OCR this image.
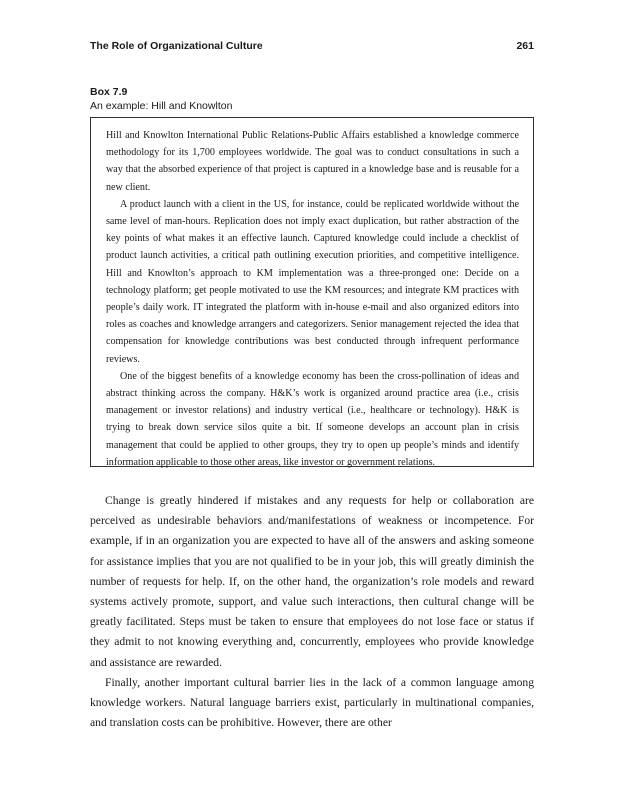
The Role of Organizational Culture	261
Box 7.9
An example: Hill and Knowlton

Hill and Knowlton International Public Relations-Public Affairs established a knowledge commerce methodology for its 1,700 employees worldwide. The goal was to conduct consultations in such a way that the absorbed experience of that project is captured in a knowledge base and is reusable for a new client.

A product launch with a client in the US, for instance, could be replicated worldwide without the same level of man-hours. Replication does not imply exact duplication, but rather abstraction of the key points of what makes it an effective launch. Captured knowledge could include a checklist of product launch activities, a critical path outlining execution priorities, and competitive intelligence. Hill and Knowlton’s approach to KM implementation was a three-pronged one: Decide on a technology platform; get people motivated to use the KM resources; and integrate KM practices with people’s daily work. IT integrated the platform with in-house e-mail and also organized editors into roles as coaches and knowledge arrangers and categorizers. Senior management rejected the idea that compensation for knowledge contributions was best conducted through infrequent performance reviews.

One of the biggest benefits of a knowledge economy has been the cross-pollination of ideas and abstract thinking across the company. H&K’s work is organized around practice area (i.e., crisis management or investor relations) and industry vertical (i.e., healthcare or technology). H&K is trying to break down service silos quite a bit. If someone develops an account plan in crisis management that could be applied to other groups, they try to open up people’s minds and identify information applicable to those other areas, like investor or government relations.

Change is greatly hindered if mistakes and any requests for help or collaboration are perceived as undesirable behaviors and/manifestations of weakness or incompetence. For example, if in an organization you are expected to have all of the answers and asking someone for assistance implies that you are not qualified to be in your job, this will greatly diminish the number of requests for help. If, on the other hand, the organization’s role models and reward systems actively promote, support, and value such interactions, then cultural change will be greatly facilitated. Steps must be taken to ensure that employees do not lose face or status if they admit to not knowing everything and, concurrently, employees who provide knowledge and assistance are rewarded.

Finally, another important cultural barrier lies in the lack of a common language among knowledge workers. Natural language barriers exist, particularly in multinational companies, and translation costs can be prohibitive. However, there are other
